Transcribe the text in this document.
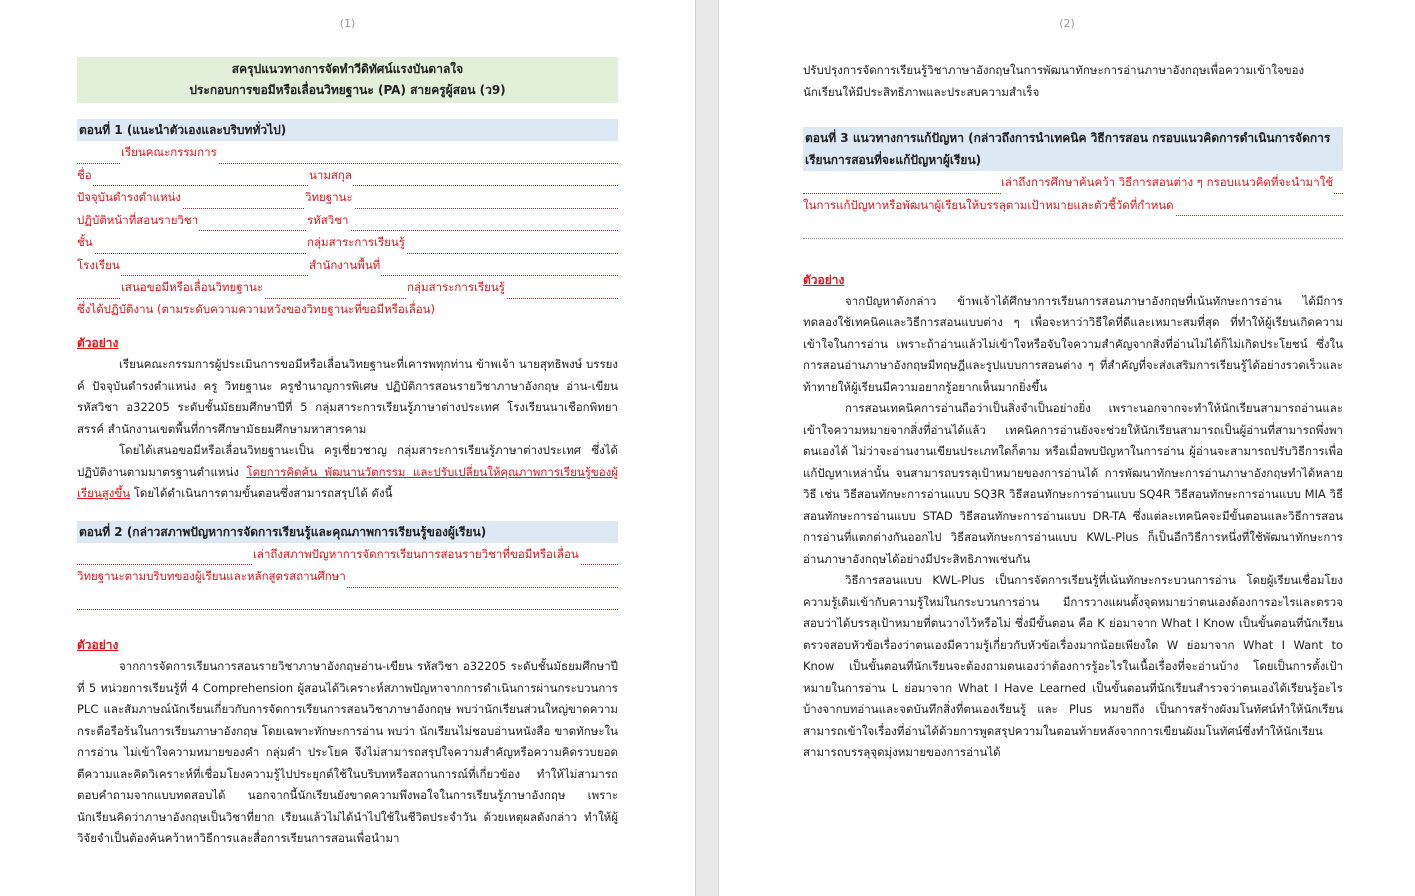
(1)
สครุปแนวทางการจัดทำวีดิทัศน์แรงบันดาลใจ
ประกอบการขอมีหรือเลื่อนวิทยฐานะ (PA) สายครูผู้สอน (ว9)
ตอนที่ 1 (แนะนำตัวเองและบริบททั่วไป)
เรียนคณะกรรมการ
ชื่อ	นามสกุล
ปัจจุบันดำรงตำแหน่ง	วิทยฐานะ
ปฏิบัติหน้าที่สอนรายวิชา	รหัสวิชา
ชั้น	กลุ่มสาระการเรียนรู้
โรงเรียน	สำนักงานพื้นที่
เสนอขอมีหรือเลื่อนวิทยฐานะ	กลุ่มสาระการเรียนรู้

ซึ่งได้ปฏิบัติงาน (ตามระดับความความหวังของวิทยฐานะที่ขอมีหรือเลื่อน)

ตัวอย่าง

เรียนคณะกรรมการผู้ประเมินการขอมีหรือเลื่อนวิทยฐานะที่เคารพทุกท่าน ข้าพเจ้า นายสุทธิพงษ์ บรรยงค์ ปัจจุบันดำรงตำแหน่ง ครู วิทยฐานะ ครูชำนาญการพิเศษ ปฏิบัติการสอนรายวิชาภาษาอังกฤษ อ่าน-เขียน รหัสวิชา อ32205 ระดับชั้นมัธยมศึกษาปีที่ 5 กลุ่มสาระการเรียนรู้ภาษาต่างประเทศ โรงเรียนนาเชือกพิทยาสรรค์ สำนักงานเขตพื้นที่การศึกษามัธยมศึกษามหาสารคาม

โดยได้เสนอขอมีหรือเลื่อนวิทยฐานะเป็น ครูเชี่ยวชาญ กลุ่มสาระการเรียนรู้ภาษาต่างประเทศ ซึ่งได้ปฏิบัติงานตามมาตรฐานตำแหน่ง โดยการคิดค้น พัฒนานวัตกรรม และปรับเปลี่ยนให้คุณภาพการเรียนรู้ของผู้เรียนสูงขึ้น โดยได้ดำเนินการตามขั้นตอนซึ่งสามารถสรุปได้ ดังนี้

ตอนที่ 2 (กล่าวสภาพปัญหาการจัดการเรียนรู้และคุณภาพการเรียนรู้ของผู้เรียน)
เล่าถึงสภาพปัญหาการจัดการเรียนการสอนรายวิชาที่ขอมีหรือเลื่อน
วิทยฐานะตามบริบทของผู้เรียนและหลักสูตรสถานศึกษา
ตัวอย่าง

จากการจัดการเรียนการสอนรายวิชาภาษาอังกฤษอ่าน-เขียน รหัสวิชา อ32205 ระดับชั้นมัธยมศึกษาปีที่ 5 หน่วยการเรียนรู้ที่ 4 Comprehension ผู้สอนได้วิเคราะห์สภาพปัญหาจากการดำเนินการผ่านกระบวนการ PLC และสัมภาษณ์นักเรียนเกี่ยวกับการจัดการเรียนการสอนวิชาภาษาอังกฤษ พบว่านักเรียนส่วนใหญ่ขาดความกระตือรือร้นในการเรียนภาษาอังกฤษ โดยเฉพาะทักษะการอ่าน พบว่า นักเรียนไม่ชอบอ่านหนังสือ ขาดทักษะในการอ่าน ไม่เข้าใจความหมายของคำ กลุ่มคำ ประโยค จึงไม่สามารถสรุปใจความสำคัญหรือความคิดรวบยอด ตีความและคิดวิเคราะห์ที่เชื่อมโยงความรู้ไปประยุกต์ใช้ในบริบทหรือสถานการณ์ที่เกี่ยวข้อง ทำให้ไม่สามารถตอบคำถามจากแบบทดสอบได้ นอกจากนี้นักเรียนยังขาดความพึงพอใจในการเรียนรู้ภาษาอังกฤษ เพราะนักเรียนคิดว่าภาษาอังกฤษเป็นวิชาที่ยาก เรียนแล้วไม่ได้นำไปใช้ในชีวิตประจำวัน ด้วยเหตุผลดังกล่าว ทำให้ผู้วิจัยจำเป็นต้องค้นคว้าหาวิธีการและสื่อการเรียนการสอนเพื่อนำมา

(2)

ปรับปรุงการจัดการเรียนรู้วิชาภาษาอังกฤษในการพัฒนาทักษะการอ่านภาษาอังกฤษเพื่อความเข้าใจของนักเรียนให้มีประสิทธิภาพและประสบความสำเร็จ

ตอนที่ 3 แนวทางการแก้ปัญหา (กล่าวถึงการนำเทคนิค วิธีการสอน กรอบแนวคิดการดำเนินการจัดการเรียนการสอนที่จะแก้ปัญหาผู้เรียน)
เล่าถึงการศึกษาค้นคว้า วิธีการสอนต่าง ๆ กรอบแนวคิดที่จะนำมาใช้
ในการแก้ปัญหาหรือพัฒนาผู้เรียนให้บรรลุตามเป้าหมายและตัวชี้วัดที่กำหนด
ตัวอย่าง

จากปัญหาดังกล่าว ข้าพเจ้าได้ศึกษาการเรียนการสอนภาษาอังกฤษที่เน้นทักษะการอ่าน ได้มีการทดลองใช้เทคนิคและวิธีการสอนแบบต่าง ๆ เพื่อจะหาว่าวิธีใดที่ดีและเหมาะสมที่สุด ที่ทำให้ผู้เรียนเกิดความเข้าใจในการอ่าน เพราะถ้าอ่านแล้วไม่เข้าใจหรือจับใจความสำคัญจากสิ่งที่อ่านไม่ได้ก็ไม่เกิดประโยชน์ ซึ่งในการสอนอ่านภาษาอังกฤษมีทฤษฎีและรูปแบบการสอนต่าง ๆ ที่สำคัญที่จะส่งเสริมการเรียนรู้ได้อย่างรวดเร็วและท้าทายให้ผู้เรียนมีความอยากรู้อยากเห็นมากยิ่งขึ้น

การสอนเทคนิคการอ่านถือว่าเป็นสิ่งจำเป็นอย่างยิ่ง เพราะนอกจากจะทำให้นักเรียนสามารถอ่านและเข้าใจความหมายจากสิ่งที่อ่านได้แล้ว เทคนิคการอ่านยังจะช่วยให้นักเรียนสามารถเป็นผู้อ่านที่สามารถพึ่งพาตนเองได้ ไม่ว่าจะอ่านงานเขียนประเภทใดก็ตาม หรือเมื่อพบปัญหาในการอ่าน ผู้อ่านจะสามารถปรับวิธีการเพื่อแก้ปัญหาเหล่านั้น จนสามารถบรรลุเป้าหมายของการอ่านได้ การพัฒนาทักษะการอ่านภาษาอังกฤษทำได้หลายวิธี เช่น วิธีสอนทักษะการอ่านแบบ SQ3R วิธีสอนทักษะการอ่านแบบ SQ4R วิธีสอนทักษะการอ่านแบบ MIA วิธีสอนทักษะการอ่านแบบ STAD วิธีสอนทักษะการอ่านแบบ DR-TA ซึ่งแต่ละเทคนิคจะมีขั้นตอนและวิธีการสอนการอ่านที่แตกต่างกันออกไป วิธีสอนทักษะการอ่านแบบ KWL-Plus ก็เป็นอีกวิธีการหนึ่งที่ใช้พัฒนาทักษะการอ่านภาษาอังกฤษได้อย่างมีประสิทธิภาพเช่นกัน

วิธีการสอนแบบ KWL-Plus เป็นการจัดการเรียนรู้ที่เน้นทักษะกระบวนการอ่าน โดยผู้เรียนเชื่อมโยงความรู้เดิมเข้ากับความรู้ใหม่ในกระบวนการอ่าน มีการวางแผนตั้งจุดหมายว่าตนเองต้องการอะไรและตรวจสอบว่าได้บรรลุเป้าหมายที่ตนวางไว้หรือไม่ ซึ่งมีขั้นตอน คือ K ย่อมาจาก What I Know เป็นขั้นตอนที่นักเรียนตรวจสอบหัวข้อเรื่องว่าตนเองมีความรู้เกี่ยวกับหัวข้อเรื่องมากน้อยเพียงใด W ย่อมาจาก What I Want to Know เป็นขั้นตอนที่นักเรียนจะต้องถามตนเองว่าต้องการรู้อะไรในเนื้อเรื่องที่จะอ่านบ้าง โดยเป็นการตั้งเป้าหมายในการอ่าน L ย่อมาจาก What I Have Learned เป็นขั้นตอนที่นักเรียนสำรวจว่าตนเองได้เรียนรู้อะไรบ้างจากบทอ่านและจดบันทึกสิ่งที่ตนเองเรียนรู้ และ Plus หมายถึง เป็นการสร้างผังมโนทัศน์ทำให้นักเรียนสามารถเข้าใจเรื่องที่อ่านได้ด้วยการพูดสรุปความในตอนท้ายหลังจากการเขียนผังมโนทัศน์ซึ่งทำให้นักเรียนสามารถบรรลุจุดมุ่งหมายของการอ่านได้
